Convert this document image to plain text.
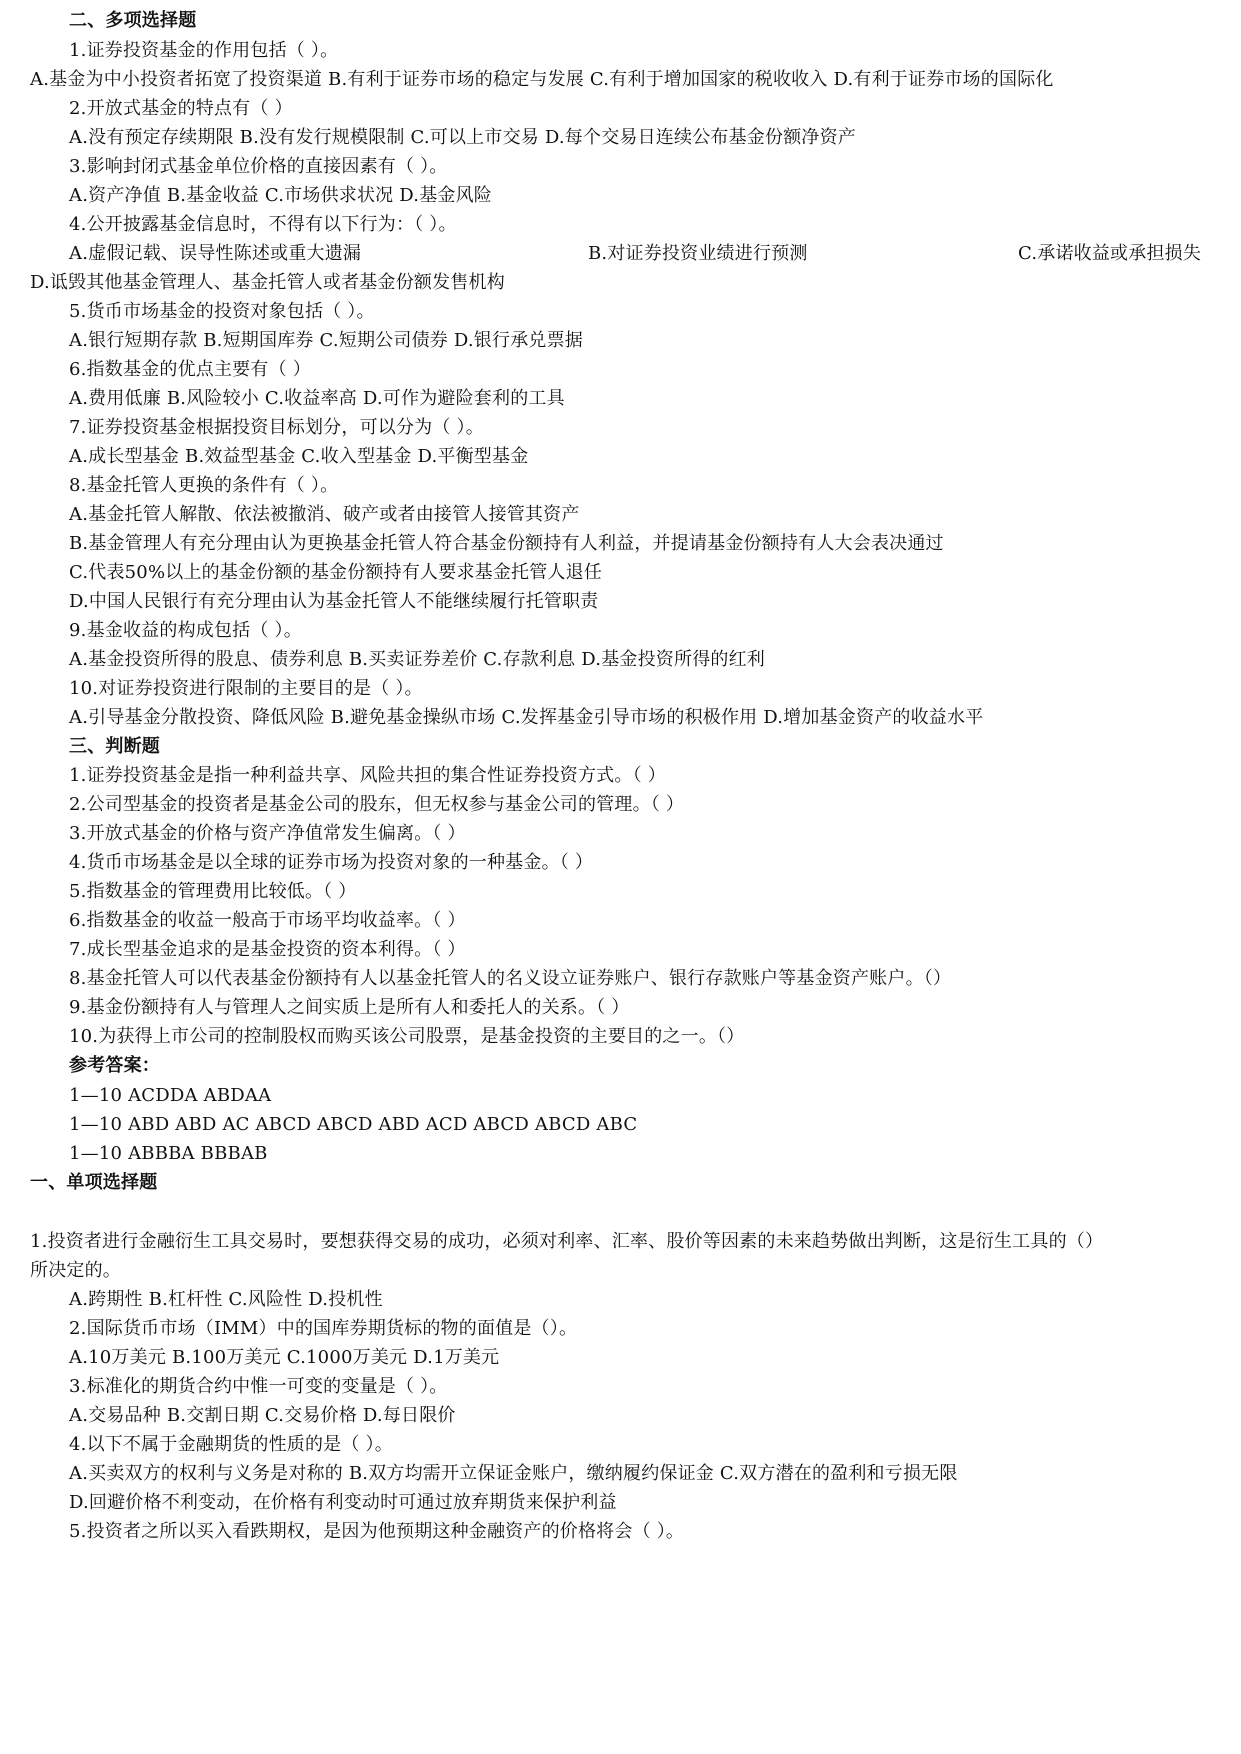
二、多项选择题
1.证券投资基金的作用包括（ ）。
A.基金为中小投资者拓宽了投资渠道 B.有利于证券市场的稳定与发展 C.有利于增加国家的税收收入 D.有利于证券市场的国际化
2.开放式基金的特点有（ ）
A.没有预定存续期限 B.没有发行规模限制 C.可以上市交易 D.每个交易日连续公布基金份额净资产
3.影响封闭式基金单位价格的直接因素有（ ）。
A.资产净值 B.基金收益 C.市场供求状况 D.基金风险
4.公开披露基金信息时，不得有以下行为：（ ）。
A.虚假记载、误导性陈述或重大遗漏	B.对证券投资业绩进行预测	C.承诺收益或承担损失
D.诋毁其他基金管理人、基金托管人或者基金份额发售机构
5.货币市场基金的投资对象包括（ ）。
A.银行短期存款 B.短期国库券 C.短期公司债券 D.银行承兑票据
6.指数基金的优点主要有（ ）
A.费用低廉 B.风险较小 C.收益率高 D.可作为避险套利的工具
7.证券投资基金根据投资目标划分，可以分为（ ）。
A.成长型基金 B.效益型基金 C.收入型基金 D.平衡型基金
8.基金托管人更换的条件有（ ）。
A.基金托管人解散、依法被撤消、破产或者由接管人接管其资产
B.基金管理人有充分理由认为更换基金托管人符合基金份额持有人利益，并提请基金份额持有人大会表决通过
C.代表50%以上的基金份额的基金份额持有人要求基金托管人退任
D.中国人民银行有充分理由认为基金托管人不能继续履行托管职责
9.基金收益的构成包括（ ）。
A.基金投资所得的股息、债券利息 B.买卖证券差价 C.存款利息 D.基金投资所得的红利
10.对证券投资进行限制的主要目的是（ ）。
A.引导基金分散投资、降低风险 B.避免基金操纵市场 C.发挥基金引导市场的积极作用 D.增加基金资产的收益水平
三、判断题
1.证券投资基金是指一种利益共享、风险共担的集合性证券投资方式。（ ）
2.公司型基金的投资者是基金公司的股东，但无权参与基金公司的管理。（ ）
3.开放式基金的价格与资产净值常发生偏离。（ ）
4.货币市场基金是以全球的证券市场为投资对象的一种基金。（ ）
5.指数基金的管理费用比较低。（ ）
6.指数基金的收益一般高于市场平均收益率。（ ）
7.成长型基金追求的是基金投资的资本利得。（ ）
8.基金托管人可以代表基金份额持有人以基金托管人的名义设立证券账户、银行存款账户等基金资产账户。（）
9.基金份额持有人与管理人之间实质上是所有人和委托人的关系。（ ）
10.为获得上市公司的控制股权而购买该公司股票，是基金投资的主要目的之一。（）
参考答案：
1—10 ACDDA ABDAA
1—10 ABD ABD AC ABCD ABCD ABD ACD ABCD ABCD ABC
1—10 ABBBA BBBAB
一、单项选择题
1.投资者进行金融衍生工具交易时，要想获得交易的成功，必须对利率、汇率、股价等因素的未来趋势做出判断，这是衍生工具的（）
所决定的。
A.跨期性 B.杠杆性 C.风险性 D.投机性
2.国际货币市场（IMM）中的国库券期货标的物的面值是（）。
A.10万美元 B.100万美元 C.1000万美元 D.1万美元
3.标准化的期货合约中惟一可变的变量是（ ）。
A.交易品种 B.交割日期 C.交易价格 D.每日限价
4.以下不属于金融期货的性质的是（ ）。
A.买卖双方的权利与义务是对称的 B.双方均需开立保证金账户，缴纳履约保证金 C.双方潜在的盈利和亏损无限
D.回避价格不利变动，在价格有利变动时可通过放弃期货来保护利益
5.投资者之所以买入看跌期权，是因为他预期这种金融资产的价格将会（ ）。
